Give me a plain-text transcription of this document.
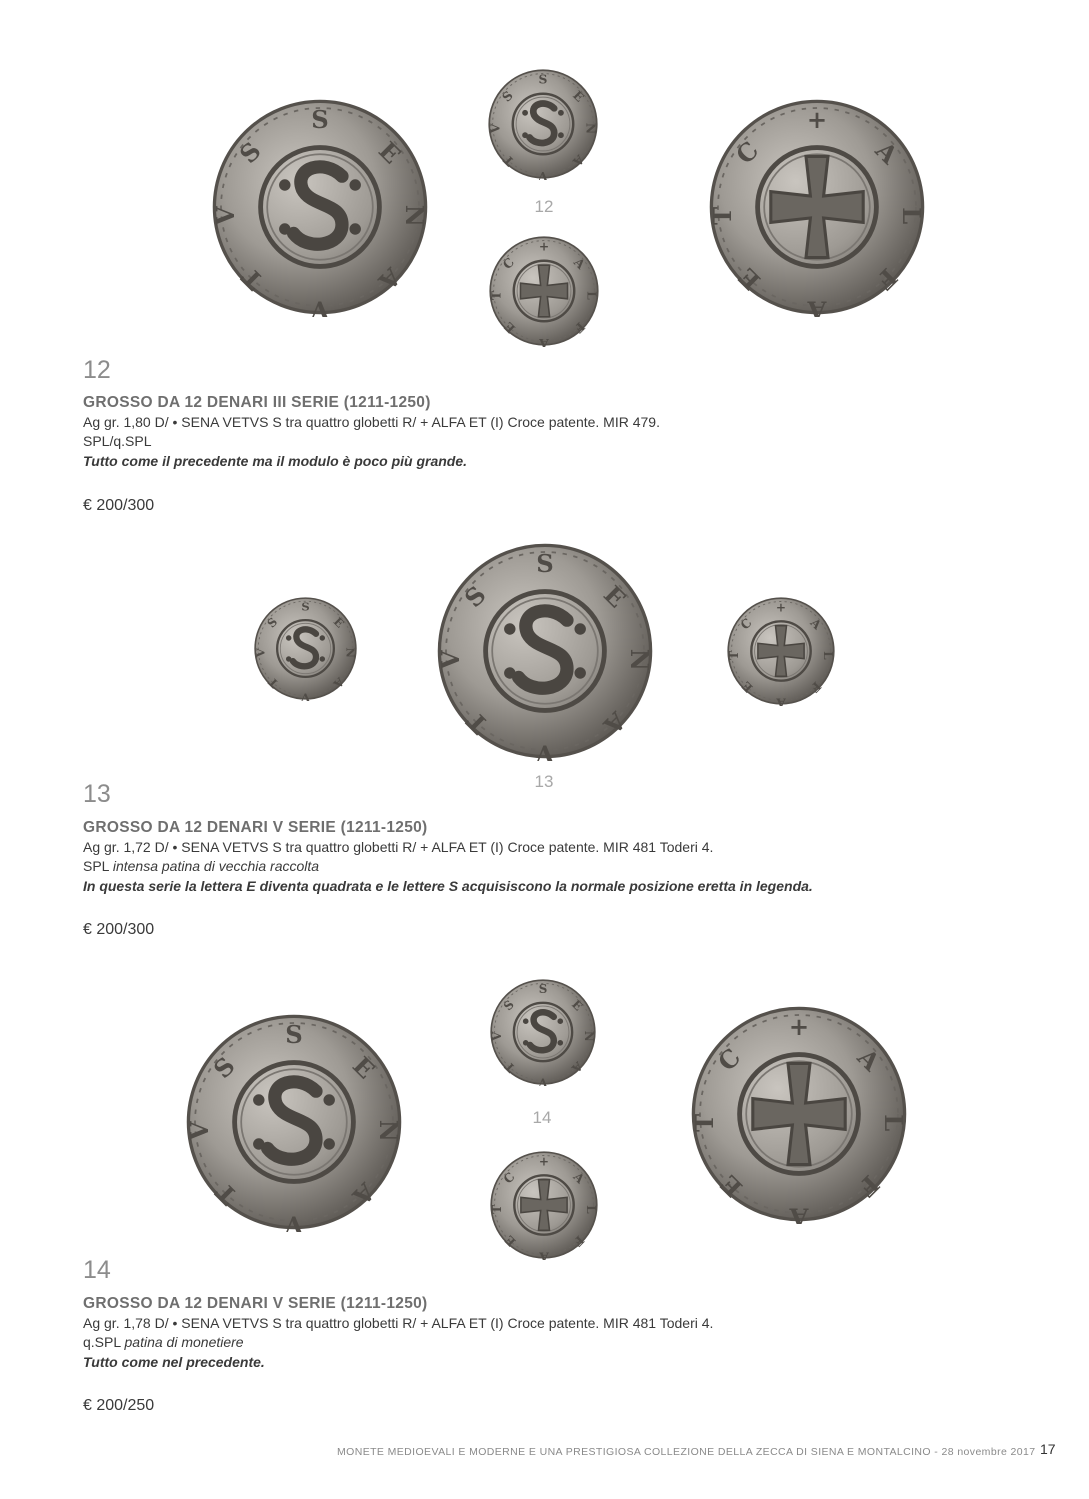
12
12
GROSSO DA 12 DENARI III SERIE (1211-1250)
Ag gr. 1,80 D/ • SENA VETVS S tra quattro globetti R/ + ALFA ET (I) Croce patente. MIR 479.
SPL/q.SPL
Tutto come il precedente ma il modulo è poco più grande.
€ 200/300
13
13
GROSSO DA 12 DENARI V SERIE (1211-1250)
Ag gr. 1,72 D/ • SENA VETVS S tra quattro globetti R/ + ALFA ET (I) Croce patente. MIR 481 Toderi 4.
SPL intensa patina di vecchia raccolta
In questa serie la lettera E diventa quadrata e le lettere S acquisiscono la normale posizione eretta in legenda.
€ 200/300
14
14
GROSSO DA 12 DENARI V SERIE (1211-1250)
Ag gr. 1,78 D/ • SENA VETVS S tra quattro globetti R/ + ALFA ET (I) Croce patente. MIR 481 Toderi 4.
q.SPL patina di monetiere
Tutto come nel precedente.
€ 200/250
MONETE MEDIOEVALI E MODERNE E UNA PRESTIGIOSA COLLEZIONE DELLA ZECCA DI SIENA E MONTALCINO - 28 novembre 2017 17
